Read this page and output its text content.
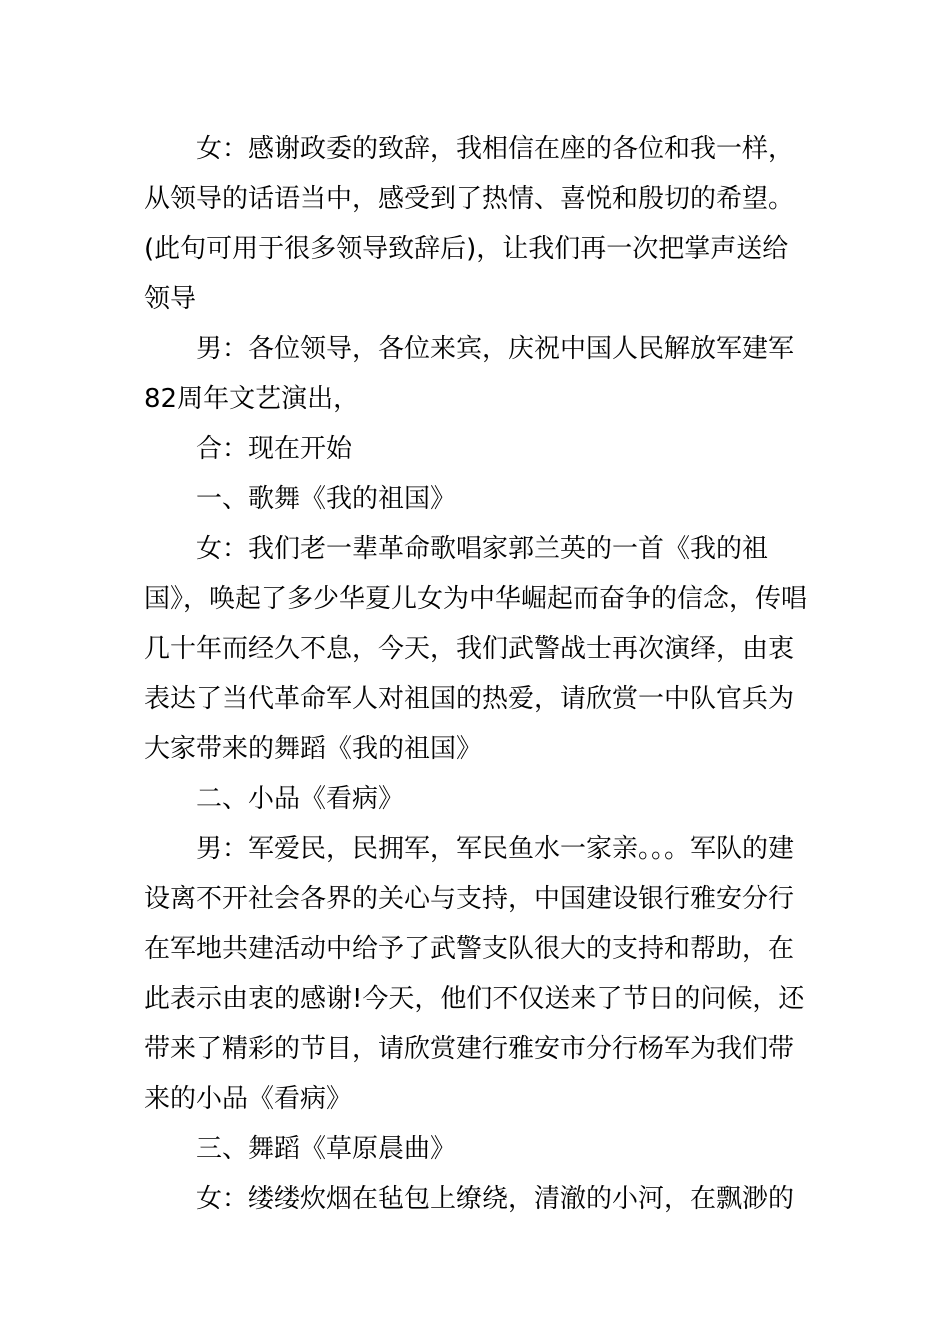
女：感谢政委的致辞，我相信在座的各位和我一样，从领导的话语当中，感受到了热情、喜悦和殷切的希望。(此句可用于很多领导致辞后)，让我们再一次把掌声送给领导

男：各位领导，各位来宾，庆祝中国人民解放军建军82周年文艺演出，

合：现在开始

一、歌舞《我的祖国》

女：我们老一辈革命歌唱家郭兰英的一首《我的祖国》，唤起了多少华夏儿女为中华崛起而奋争的信念，传唱几十年而经久不息，今天，我们武警战士再次演绎，由衷表达了当代革命军人对祖国的热爱，请欣赏一中队官兵为大家带来的舞蹈《我的祖国》

二、小品《看病》

男：军爱民，民拥军，军民鱼水一家亲。。。军队的建设离不开社会各界的关心与支持，中国建设银行雅安分行在军地共建活动中给予了武警支队很大的支持和帮助，在此表示由衷的感谢!今天，他们不仅送来了节日的问候，还带来了精彩的节目，请欣赏建行雅安市分行杨军为我们带来的小品《看病》

三、舞蹈《草原晨曲》

女：缕缕炊烟在毡包上缭绕，清澈的小河，在飘渺的
